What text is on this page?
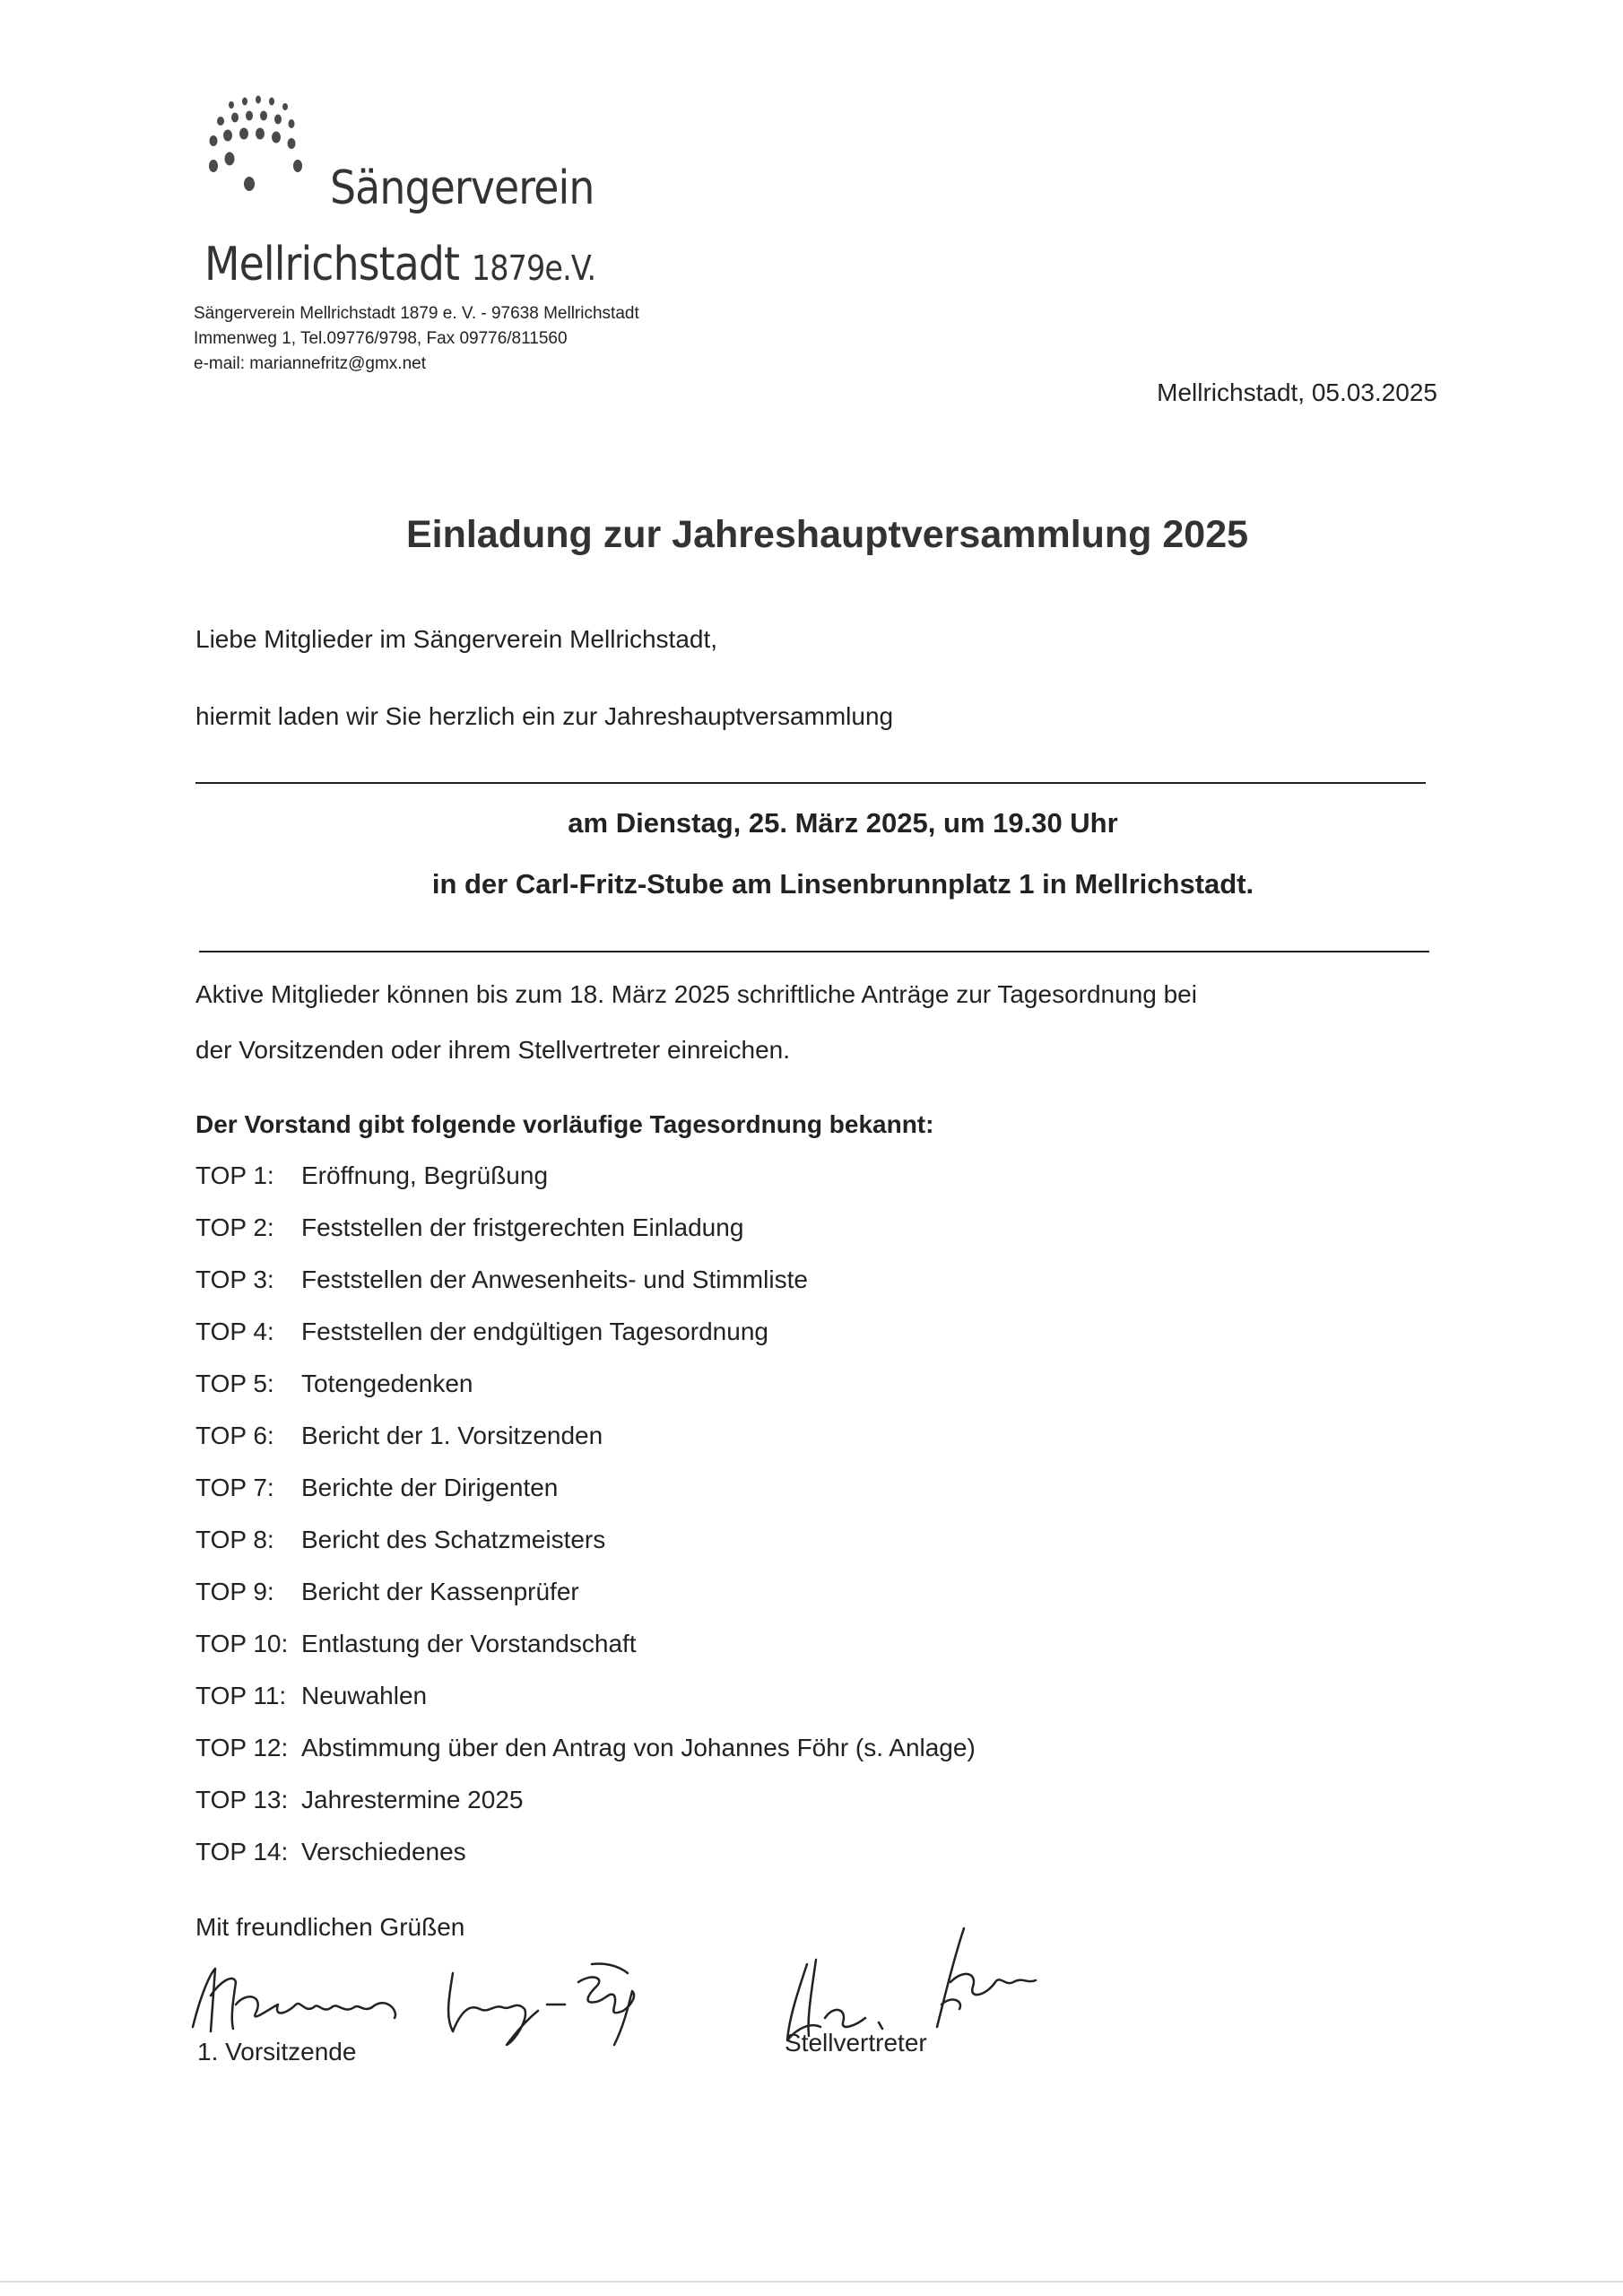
Sängerverein
Mellrichstadt 1879e.V.
Sängerverein Mellrichstadt 1879 e. V. - 97638 Mellrichstadt
Immenweg 1, Tel.09776/9798, Fax 09776/811560
e-mail: mariannefritz@gmx.net
Mellrichstadt, 05.03.2025
Einladung zur Jahreshauptversammlung 2025
Liebe Mitglieder im Sängerverein Mellrichstadt,
hiermit laden wir Sie herzlich ein zur Jahreshauptversammlung
am Dienstag, 25. März 2025, um 19.30 Uhr
in der Carl-Fritz-Stube am Linsenbrunnplatz 1 in Mellrichstadt.
Aktive Mitglieder können bis zum 18. März 2025 schriftliche Anträge zur Tagesordnung bei
der Vorsitzenden oder ihrem Stellvertreter einreichen.
Der Vorstand gibt folgende vorläufige Tagesordnung bekannt:
TOP 1:	Eröffnung, Begrüßung
TOP 2:	Feststellen der fristgerechten Einladung
TOP 3:	Feststellen der Anwesenheits- und Stimmliste
TOP 4:	Feststellen der endgültigen Tagesordnung
TOP 5:	Totengedenken
TOP 6:	Bericht der 1. Vorsitzenden
TOP 7:	Berichte der Dirigenten
TOP 8:	Bericht des Schatzmeisters
TOP 9:	Bericht der Kassenprüfer
TOP 10: Entlastung der Vorstandschaft
TOP 11: Neuwahlen
TOP 12: Abstimmung über den Antrag von Johannes Föhr (s. Anlage)
TOP 13: Jahrestermine 2025
TOP 14: Verschiedenes
Mit freundlichen Grüßen
1. Vorsitzende	Stellvertreter
